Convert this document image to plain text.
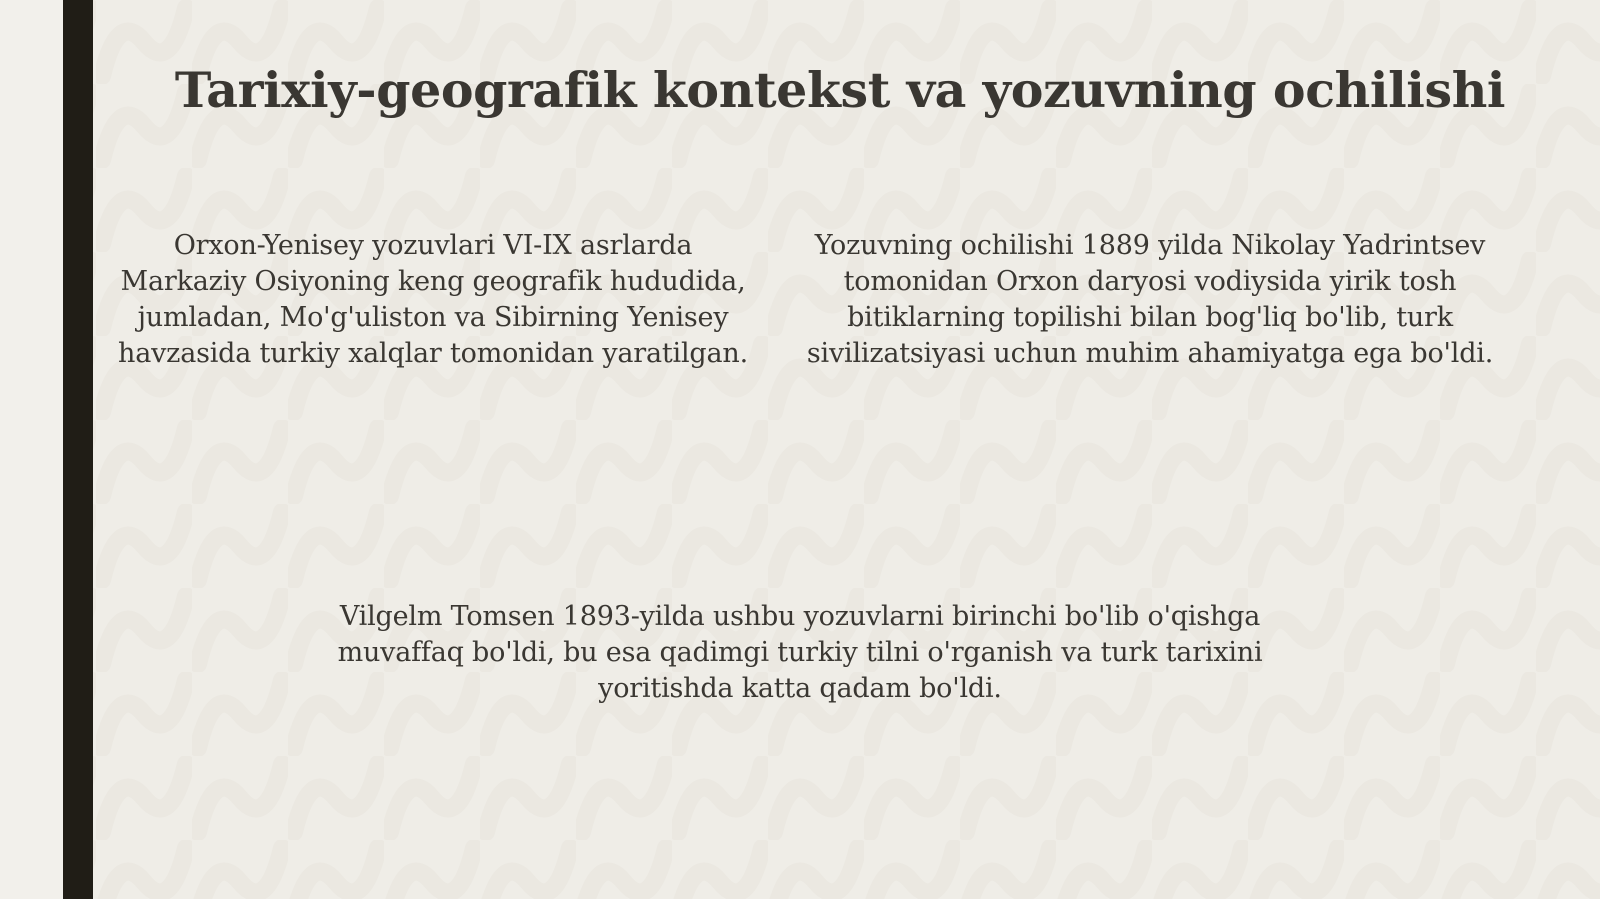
Tarixiy-geografik kontekst va yozuvning ochilishi

Orxon-Yenisey yozuvlari VI-IX asrlarda Markaziy Osiyoning keng geografik hududida, jumladan, Mo'g'uliston va Sibirning Yenisey havzasida turkiy xalqlar tomonidan yaratilgan.

Yozuvning ochilishi 1889 yilda Nikolay Yadrintsev tomonidan Orxon daryosi vodiysida yirik tosh bitiklarning topilishi bilan bog'liq bo'lib, turk sivilizatsiyasi uchun muhim ahamiyatga ega bo'ldi.

Vilgelm Tomsen 1893-yilda ushbu yozuvlarni birinchi bo'lib o'qishga muvaffaq bo'ldi, bu esa qadimgi turkiy tilni o'rganish va turk tarixini yoritishda katta qadam bo'ldi.
